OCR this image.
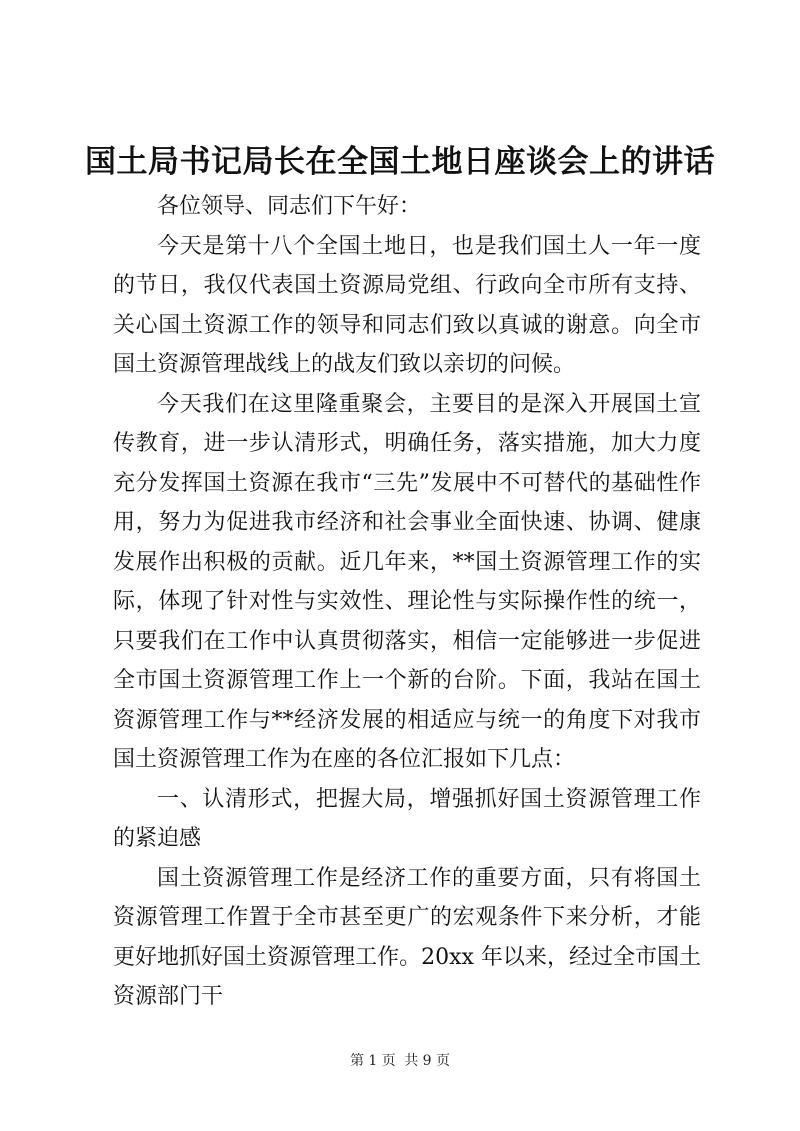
国土局书记局长在全国土地日座谈会上的讲话

各位领导、同志们下午好：

今天是第十八个全国土地日，也是我们国土人一年一度的节日，我仅代表国土资源局党组、行政向全市所有支持、关心国土资源工作的领导和同志们致以真诚的谢意。向全市国土资源管理战线上的战友们致以亲切的问候。

今天我们在这里隆重聚会，主要目的是深入开展国土宣传教育，进一步认清形式，明确任务，落实措施，加大力度充分发挥国土资源在我市“三先”发展中不可替代的基础性作用，努力为促进我市经济和社会事业全面快速、协调、健康发展作出积极的贡献。近几年来，**国土资源管理工作的实际，体现了针对性与实效性、理论性与实际操作性的统一，只要我们在工作中认真贯彻落实，相信一定能够进一步促进全市国土资源管理工作上一个新的台阶。下面，我站在国土资源管理工作与**经济发展的相适应与统一的角度下对我市国土资源管理工作为在座的各位汇报如下几点：

一、认清形式，把握大局，增强抓好国土资源管理工作的紧迫感

国土资源管理工作是经济工作的重要方面，只有将国土资源管理工作置于全市甚至更广的宏观条件下来分析，才能更好地抓好国土资源管理工作。20xx 年以来，经过全市国土资源部门干

第 1 页 共 9 页
